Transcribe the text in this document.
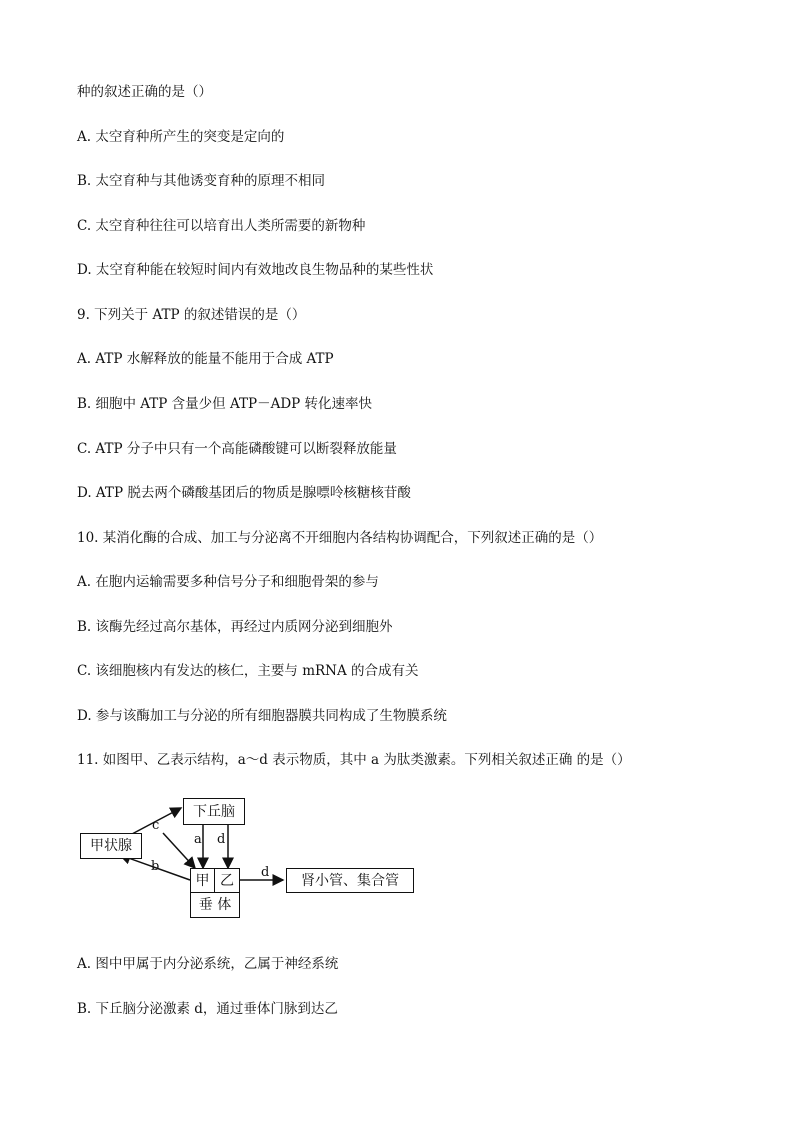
种的叙述正确的是（）
A. 太空育种所产生的突变是定向的
B. 太空育种与其他诱变育种的原理不相同
C. 太空育种往往可以培育出人类所需要的新物种
D. 太空育种能在较短时间内有效地改良生物品种的某些性状
9. 下列关于 ATP 的叙述错误的是（）
A. ATP 水解释放的能量不能用于合成 ATP
B. 细胞中 ATP 含量少但 ATP－ADP 转化速率快
C. ATP 分子中只有一个高能磷酸键可以断裂释放能量
D. ATP 脱去两个磷酸基团后的物质是腺嘌呤核糖核苷酸
10. 某消化酶的合成、加工与分泌离不开细胞内各结构协调配合，下列叙述正确的是（）
A. 在胞内运输需要多种信号分子和细胞骨架的参与
B. 该酶先经过高尔基体，再经过内质网分泌到细胞外
C. 该细胞核内有发达的核仁，主要与 mRNA 的合成有关
D. 参与该酶加工与分泌的所有细胞器膜共同构成了生物膜系统
11. 如图甲、乙表示结构，a～d 表示物质，其中 a 为肽类激素。下列相关叙述正确 的是（）
下丘脑
甲状腺
甲 乙
垂 体
肾小管、集合管
c
a d
b	d
A. 图中甲属于内分泌系统，乙属于神经系统
B. 下丘脑分泌激素 d，通过垂体门脉到达乙
